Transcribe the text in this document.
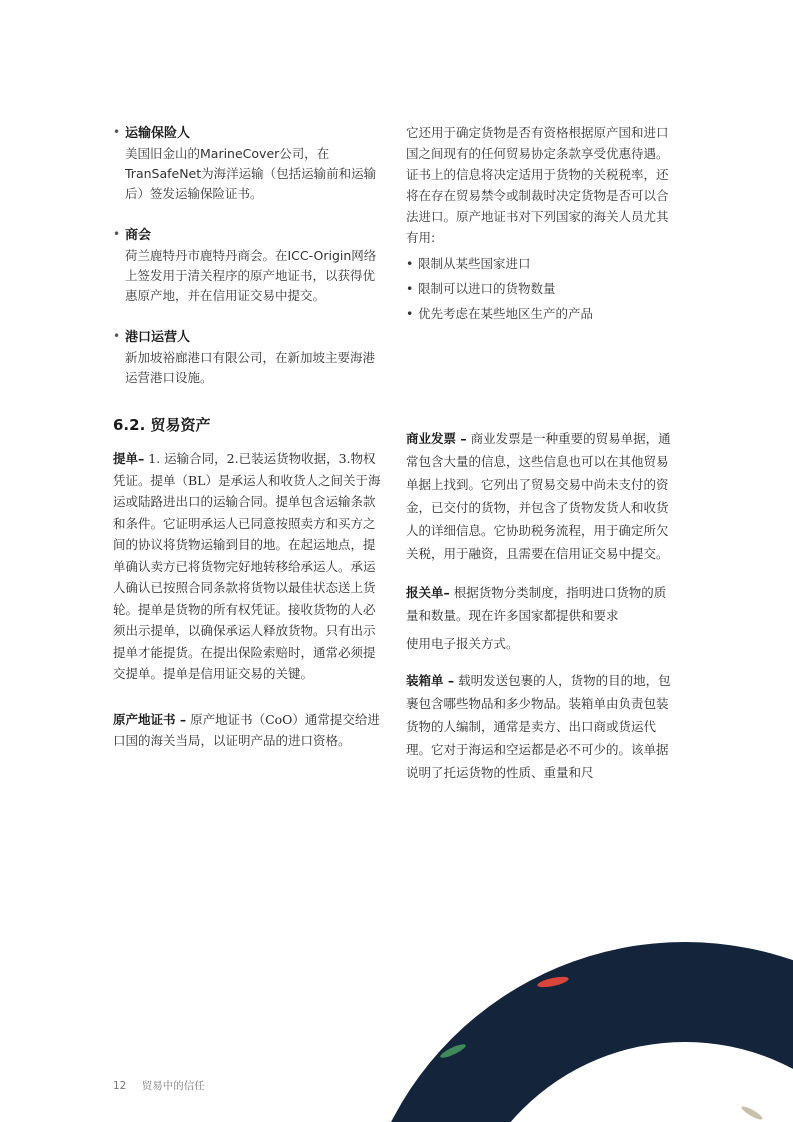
• 运输保险人
美国旧金山的MarineCover公司，在TranSafeNet为海洋运输（包括运输前和运输后）签发运输保险证书。
• 商会
荷兰鹿特丹市鹿特丹商会。在ICC-Origin网络上签发用于清关程序的原产地证书，以获得优惠原产地，并在信用证交易中提交。
• 港口运营人
新加坡裕廊港口有限公司，在新加坡主要海港运营港口设施。

它还用于确定货物是否有资格根据原产国和进口国之间现有的任何贸易协定条款享受优惠待遇。证书上的信息将决定适用于货物的关税税率，还将在存在贸易禁令或制裁时决定货物是否可以合法进口。原产地证书对下列国家的海关人员尤其有用:

• 限制从某些国家进口
• 限制可以进口的货物数量
• 优先考虑在某些地区生产的产品
6.2. 贸易资产
提单– 1. 运输合同，2.已装运货物收据，3.物权凭证。提单（BL）是承运人和收货人之间关于海运或陆路进出口的运输合同。提单包含运输条款和条件。它证明承运人已同意按照卖方和买方之间的协议将货物运输到目的地。在起运地点，提单确认卖方已将货物完好地转移给承运人。承运人确认已按照合同条款将货物以最佳状态送上货轮。提单是货物的所有权凭证。接收货物的人必须出示提单，以确保承运人释放货物。只有出示提单才能提货。在提出保险索赔时，通常必须提交提单。提单是信用证交易的关键。
原产地证书 – 原产地证书（CoO）通常提交给进口国的海关当局，以证明产品的进口资格。
商业发票 – 商业发票是一种重要的贸易单据，通常包含大量的信息，这些信息也可以在其他贸易单据上找到。它列出了贸易交易中尚未支付的资金，已交付的货物，并包含了货物发货人和收货人的详细信息。它协助税务流程，用于确定所欠关税，用于融资，且需要在信用证交易中提交。
报关单– 根据货物分类制度，指明进口货物的质量和数量。现在许多国家都提供和要求
使用电子报关方式。
装箱单 – 载明发送包裹的人，货物的目的地，包裹包含哪些物品和多少物品。装箱单由负责包装货物的人编制，通常是卖方、出口商或货运代理。它对于海运和空运都是必不可少的。该单据说明了托运货物的性质、重量和尺
12 贸易中的信任
